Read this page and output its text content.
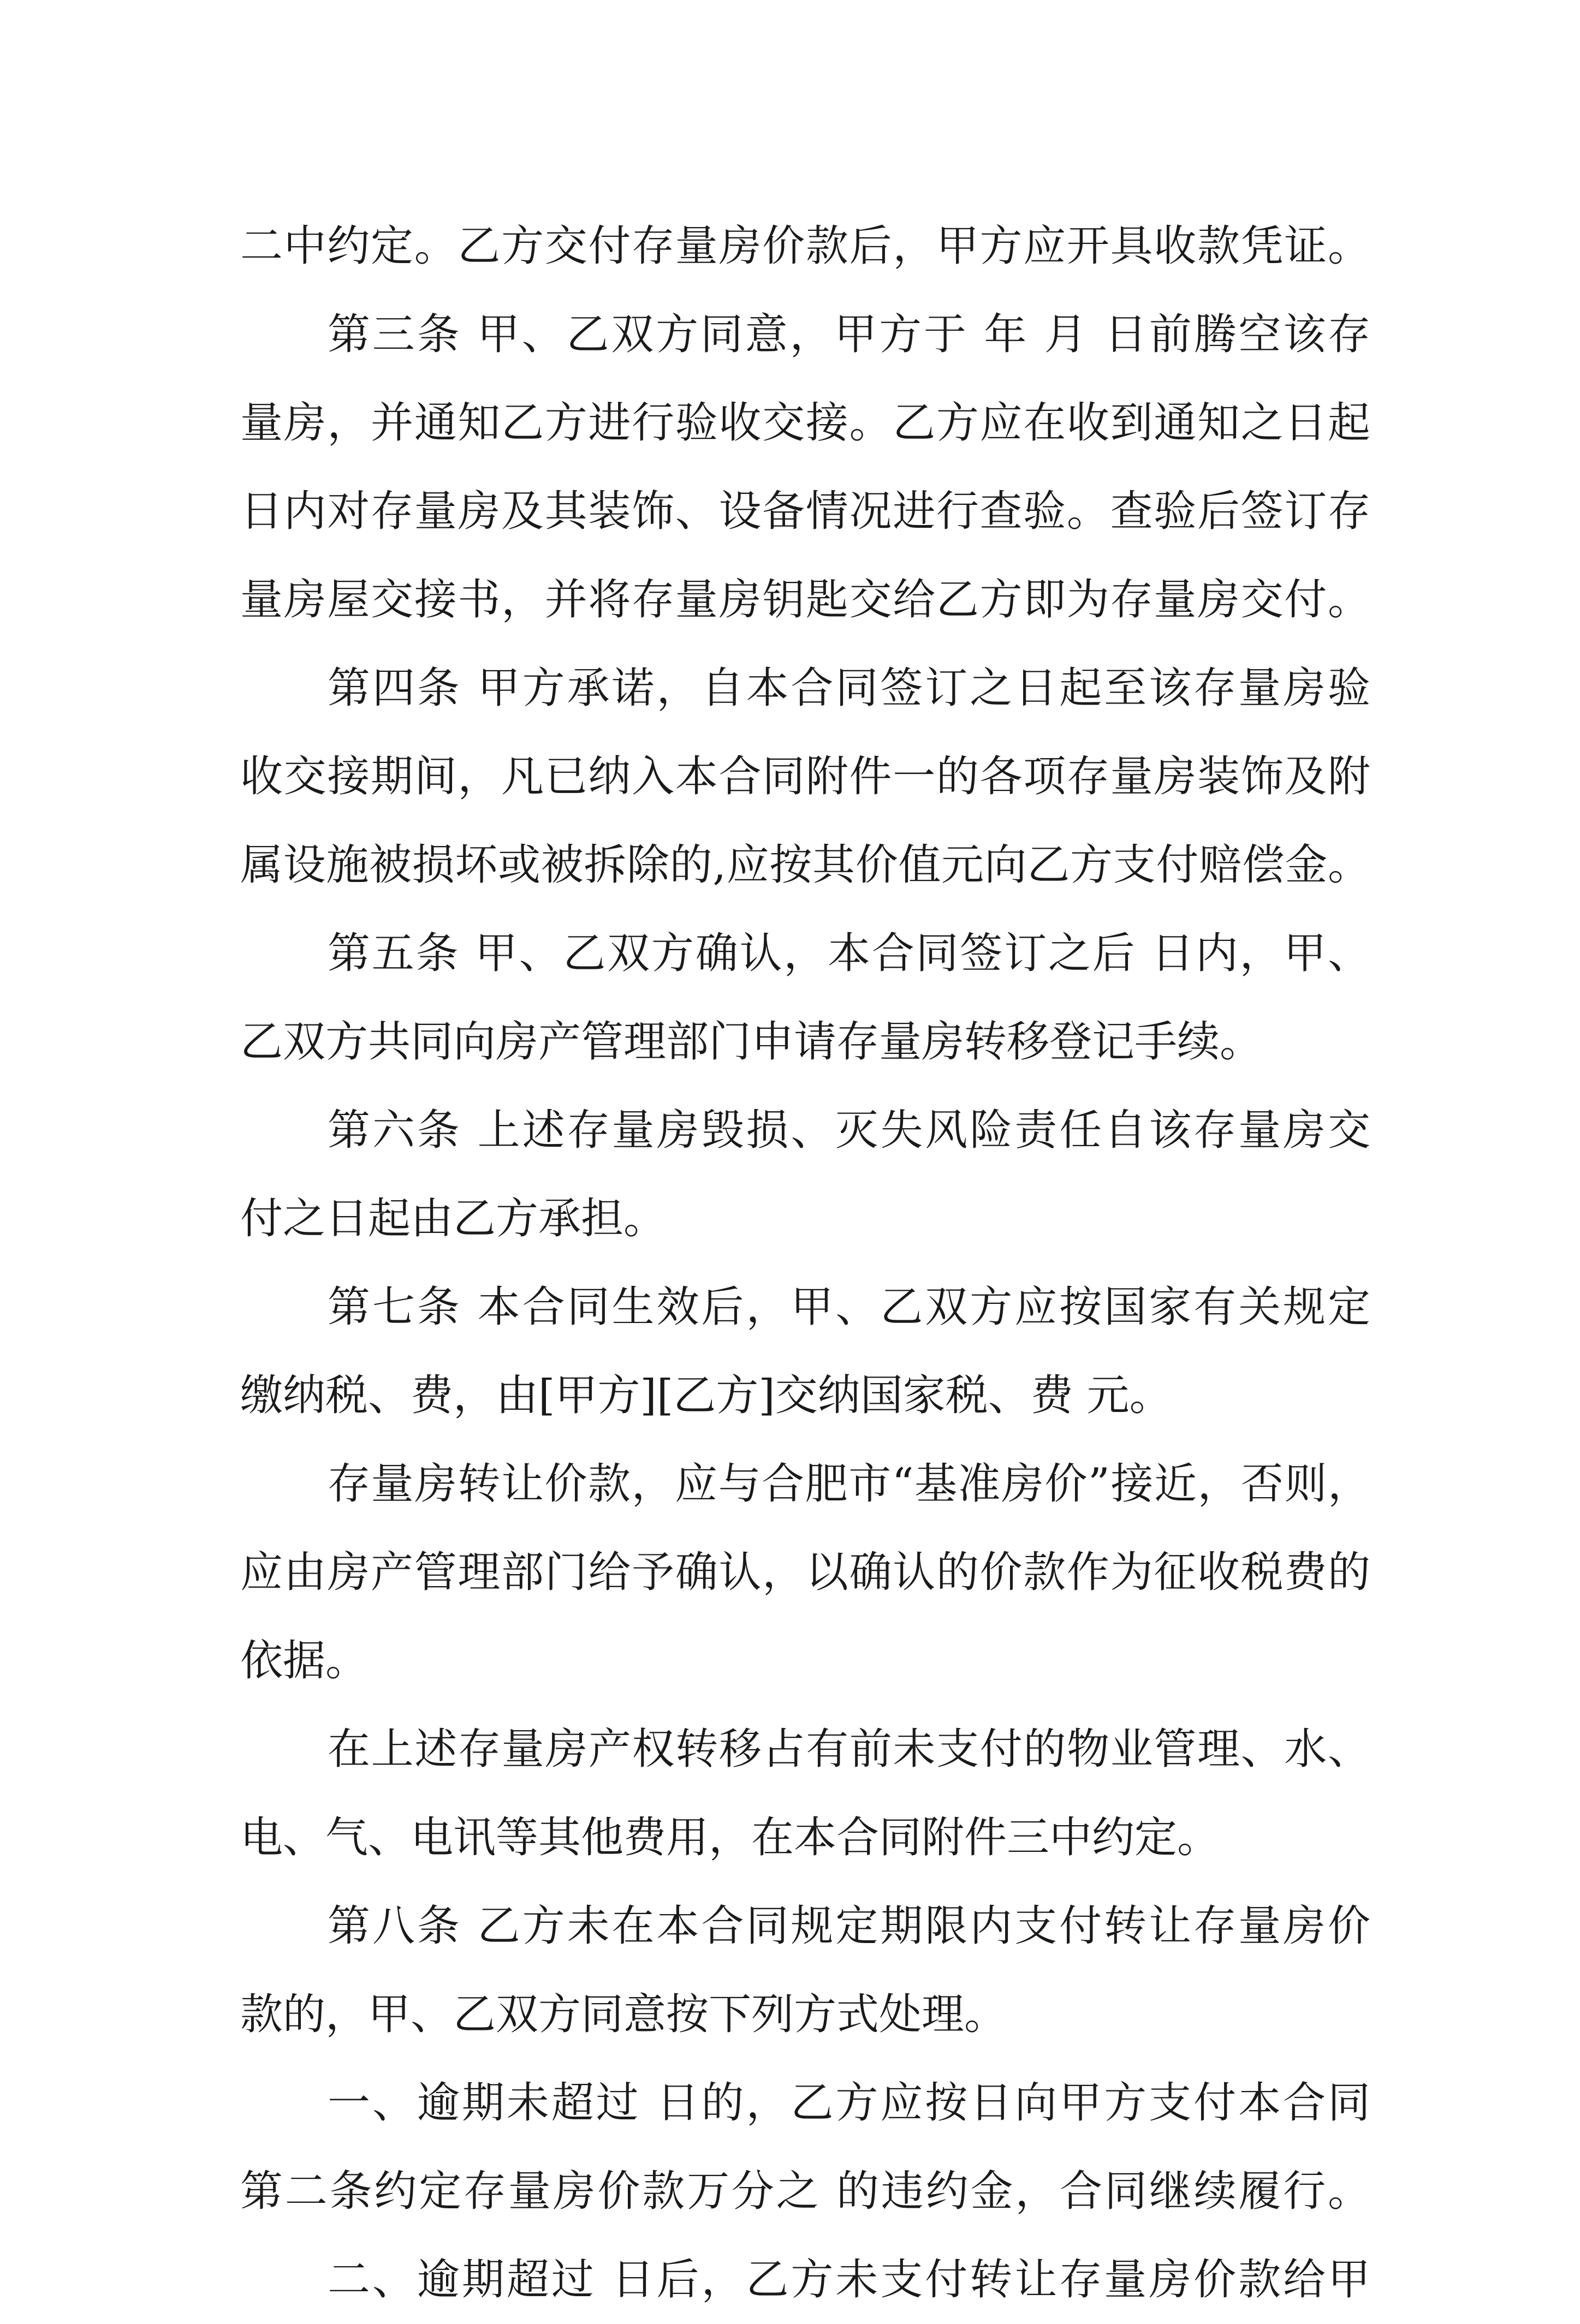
二中约定。乙方交付存量房价款后，甲方应开具收款凭证。
第三条 甲、乙双方同意，甲方于 年 月 日前腾空该存
量房，并通知乙方进行验收交接。乙方应在收到通知之日起
日内对存量房及其装饰、设备情况进行查验。查验后签订存
量房屋交接书，并将存量房钥匙交给乙方即为存量房交付。
第四条 甲方承诺，自本合同签订之日起至该存量房验
收交接期间，凡已纳入本合同附件一的各项存量房装饰及附
属设施被损坏或被拆除的,应按其价值元向乙方支付赔偿金。
第五条 甲、乙双方确认，本合同签订之后 日内，甲、
乙双方共同向房产管理部门申请存量房转移登记手续。
第六条 上述存量房毁损、灭失风险责任自该存量房交
付之日起由乙方承担。
第七条 本合同生效后，甲、乙双方应按国家有关规定
缴纳税、费，由[甲方][乙方]交纳国家税、费 元。
存量房转让价款，应与合肥市“基准房价”接近，否则，
应由房产管理部门给予确认，以确认的价款作为征收税费的
依据。
在上述存量房产权转移占有前未支付的物业管理、水、
电、气、电讯等其他费用，在本合同附件三中约定。
第八条 乙方未在本合同规定期限内支付转让存量房价
款的，甲、乙双方同意按下列方式处理。
一、逾期未超过 日的，乙方应按日向甲方支付本合同
第二条约定存量房价款万分之 的违约金，合同继续履行。
二、逾期超过 日后，乙方未支付转让存量房价款给甲
